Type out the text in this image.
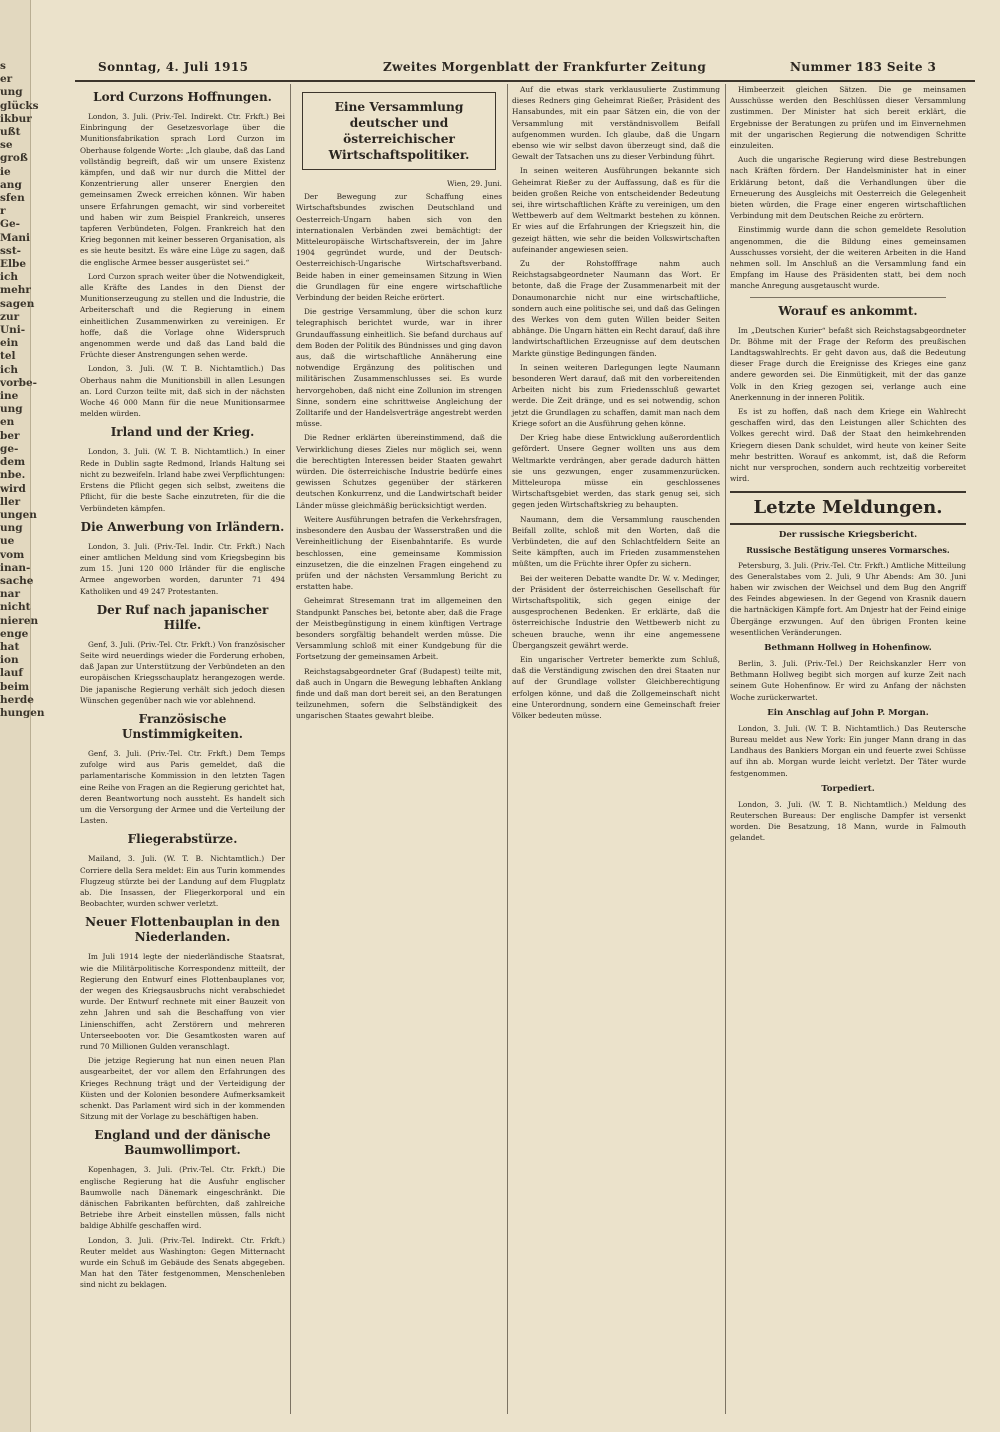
s
er
ung
glücks
ikbur
ußt
se
groß
ie
ang
sfen
r
Ge-
Mani
sst-
Elbe
ich
mehr
sagen
zur
Uni-
ein
tel
ich
vorbe-
ine
ung
en
ber
ge-
dem
nbe.
wird
ller
ungen
ung
ue
vom
inan-
sache
nar
nicht
nieren
enge
hat
ion
lauf
beim
herde
hungen
Sonntag, 4. Juli 1915	Zweites Morgenblatt der Frankfurter Zeitung	Nummer 183 Seite 3
Lord Curzons Hoffnungen.

London, 3. Juli. (Priv.-Tel. Indirekt. Ctr. Frkft.) Bei Einbringung der Gesetzesvorlage über die Munitionsfabrikation sprach Lord Curzon im Oberhause folgende Worte: „Ich glaube, daß das Land vollständig begreift, daß wir um unsere Existenz kämpfen, und daß wir nur durch die Mittel der Konzentrierung aller unserer Energien den gemeinsamen Zweck erreichen können. Wir haben unsere Erfahrungen gemacht, wir sind vorbereitet und haben wir zum Beispiel Frankreich, unseres tapferen Verbündeten, Folgen. Frankreich hat den Krieg begonnen mit keiner besseren Organisation, als es sie heute besitzt. Es wäre eine Lüge zu sagen, daß die englische Armee besser ausgerüstet sei.“

Lord Curzon sprach weiter über die Notwendigkeit, alle Kräfte des Landes in den Dienst der Munitionserzeugung zu stellen und die Industrie, die Arbeiterschaft und die Regierung in einem einheitlichen Zusammenwirken zu vereinigen. Er hoffe, daß die Vorlage ohne Widerspruch angenommen werde und daß das Land bald die Früchte dieser Anstrengungen sehen werde.

London, 3. Juli. (W. T. B. Nichtamtlich.) Das Oberhaus nahm die Munitionsbill in allen Lesungen an. Lord Curzon teilte mit, daß sich in der nächsten Woche 46 000 Mann für die neue Munitionsarmee melden würden.

Irland und der Krieg.

London, 3. Juli. (W. T. B. Nichtamtlich.) In einer Rede in Dublin sagte Redmond, Irlands Haltung sei nicht zu bezweifeln. Irland habe zwei Verpflichtungen: Erstens die Pflicht gegen sich selbst, zweitens die Pflicht, für die beste Sache einzutreten, für die die Verbündeten kämpfen.

Die Anwerbung von Irländern.

London, 3. Juli. (Priv.-Tel. Indir. Ctr. Frkft.) Nach einer amtlichen Meldung sind vom Kriegsbeginn bis zum 15. Juni 120 000 Irländer für die englische Armee angeworben worden, darunter 71 494 Katholiken und 49 247 Protestanten.

Der Ruf nach japanischer Hilfe.

Genf, 3. Juli. (Priv.-Tel. Ctr. Frkft.) Von französischer Seite wird neuerdings wieder die Forderung erhoben, daß Japan zur Unterstützung der Verbündeten an den europäischen Kriegsschauplatz herangezogen werde. Die japanische Regierung verhält sich jedoch diesen Wünschen gegenüber nach wie vor ablehnend.

Französische Unstimmigkeiten.

Genf, 3. Juli. (Priv.-Tel. Ctr. Frkft.) Dem Temps zufolge wird aus Paris gemeldet, daß die parlamentarische Kommission in den letzten Tagen eine Reihe von Fragen an die Regierung gerichtet hat, deren Beantwortung noch aussteht. Es handelt sich um die Versorgung der Armee und die Verteilung der Lasten.

Fliegerabstürze.

Mailand, 3. Juli. (W. T. B. Nichtamtlich.) Der Corriere della Sera meldet: Ein aus Turin kommendes Flugzeug stürzte bei der Landung auf dem Flugplatz ab. Die Insassen, der Fliegerkorporal und ein Beobachter, wurden schwer verletzt.

Neuer Flottenbauplan in den Niederlanden.

Im Juli 1914 legte der niederländische Staatsrat, wie die Militärpolitische Korrespondenz mitteilt, der Regierung den Entwurf eines Flottenbauplanes vor, der wegen des Kriegsausbruchs nicht verabschiedet wurde. Der Entwurf rechnete mit einer Bauzeit von zehn Jahren und sah die Beschaffung von vier Linienschiffen, acht Zerstörern und mehreren Unterseebooten vor. Die Gesamtkosten waren auf rund 70 Millionen Gulden veranschlagt.

Die jetzige Regierung hat nun einen neuen Plan ausgearbeitet, der vor allem den Erfahrungen des Krieges Rechnung trägt und der Verteidigung der Küsten und der Kolonien besondere Aufmerksamkeit schenkt. Das Parlament wird sich in der kommenden Sitzung mit der Vorlage zu beschäftigen haben.

England und der dänische Baumwollimport.

Kopenhagen, 3. Juli. (Priv.-Tel. Ctr. Frkft.) Die englische Regierung hat die Ausfuhr englischer Baumwolle nach Dänemark eingeschränkt. Die dänischen Fabrikanten befürchten, daß zahlreiche Betriebe ihre Arbeit einstellen müssen, falls nicht baldige Abhilfe geschaffen wird.

London, 3. Juli. (Priv.-Tel. Indirekt. Ctr. Frkft.) Reuter meldet aus Washington: Gegen Mitternacht wurde ein Schuß im Gebäude des Senats abgegeben. Man hat den Täter festgenommen, Menschenleben sind nicht zu beklagen.

Eine Versammlung deutscher und österreichischer Wirtschaftspolitiker.
Wien, 29. Juni.

Der Bewegung zur Schaffung eines Wirtschaftsbundes zwischen Deutschland und Oesterreich-Ungarn haben sich von den internationalen Verbänden zwei bemächtigt: der Mitteleuropäische Wirtschaftsverein, der im Jahre 1904 gegründet wurde, und der Deutsch-Oesterreichisch-Ungarische Wirtschaftsverband. Beide haben in einer gemeinsamen Sitzung in Wien die Grundlagen für eine engere wirtschaftliche Verbindung der beiden Reiche erörtert.

Die gestrige Versammlung, über die schon kurz telegraphisch berichtet wurde, war in ihrer Grundauffassung einheitlich. Sie befand durchaus auf dem Boden der Politik des Bündnisses und ging davon aus, daß die wirtschaftliche Annäherung eine notwendige Ergänzung des politischen und militärischen Zusammenschlusses sei. Es wurde hervorgehoben, daß nicht eine Zollunion im strengen Sinne, sondern eine schrittweise Angleichung der Zolltarife und der Handelsverträge angestrebt werden müsse.

Die Redner erklärten übereinstimmend, daß die Verwirklichung dieses Zieles nur möglich sei, wenn die berechtigten Interessen beider Staaten gewahrt würden. Die österreichische Industrie bedürfe eines gewissen Schutzes gegenüber der stärkeren deutschen Konkurrenz, und die Landwirtschaft beider Länder müsse gleichmäßig berücksichtigt werden.

Weitere Ausführungen betrafen die Verkehrsfragen, insbesondere den Ausbau der Wasserstraßen und die Vereinheitlichung der Eisenbahntarife. Es wurde beschlossen, eine gemeinsame Kommission einzusetzen, die die einzelnen Fragen eingehend zu prüfen und der nächsten Versammlung Bericht zu erstatten habe.

Geheimrat Stresemann trat im allgemeinen den Standpunkt Pansches bei, betonte aber, daß die Frage der Meistbegünstigung in einem künftigen Vertrage besonders sorgfältig behandelt werden müsse. Die Versammlung schloß mit einer Kundgebung für die Fortsetzung der gemeinsamen Arbeit.

Reichstagsabgeordneter Graf (Budapest) teilte mit, daß auch in Ungarn die Bewegung lebhaften Anklang finde und daß man dort bereit sei, an den Beratungen teilzunehmen, sofern die Selbständigkeit des ungarischen Staates gewahrt bleibe.

Auf die etwas stark verklausulierte Zustimmung dieses Redners ging Geheimrat Rießer, Präsident des Hansabundes, mit ein paar Sätzen ein, die von der Versammlung mit verständnisvollem Beifall aufgenommen wurden. Ich glaube, daß die Ungarn ebenso wie wir selbst davon überzeugt sind, daß die Gewalt der Tatsachen uns zu dieser Verbindung führt.

In seinen weiteren Ausführungen bekannte sich Geheimrat Rießer zu der Auffassung, daß es für die beiden großen Reiche von entscheidender Bedeutung sei, ihre wirtschaftlichen Kräfte zu vereinigen, um den Wettbewerb auf dem Weltmarkt bestehen zu können. Er wies auf die Erfahrungen der Kriegszeit hin, die gezeigt hätten, wie sehr die beiden Volkswirtschaften aufeinander angewiesen seien.

Zu der Rohstofffrage nahm auch Reichstagsabgeordneter Naumann das Wort. Er betonte, daß die Frage der Zusammenarbeit mit der Donaumonarchie nicht nur eine wirtschaftliche, sondern auch eine politische sei, und daß das Gelingen des Werkes von dem guten Willen beider Seiten abhänge. Die Ungarn hätten ein Recht darauf, daß ihre landwirtschaftlichen Erzeugnisse auf dem deutschen Markte günstige Bedingungen fänden.

In seinen weiteren Darlegungen legte Naumann besonderen Wert darauf, daß mit den vorbereitenden Arbeiten nicht bis zum Friedensschluß gewartet werde. Die Zeit dränge, und es sei notwendig, schon jetzt die Grundlagen zu schaffen, damit man nach dem Kriege sofort an die Ausführung gehen könne.

Der Krieg habe diese Entwicklung außerordentlich gefördert. Unsere Gegner wollten uns aus dem Weltmarkte verdrängen, aber gerade dadurch hätten sie uns gezwungen, enger zusammenzurücken. Mitteleuropa müsse ein geschlossenes Wirtschaftsgebiet werden, das stark genug sei, sich gegen jeden Wirtschaftskrieg zu behaupten.

Naumann, dem die Versammlung rauschenden Beifall zollte, schloß mit den Worten, daß die Verbündeten, die auf den Schlachtfeldern Seite an Seite kämpften, auch im Frieden zusammenstehen müßten, um die Früchte ihrer Opfer zu sichern.

Bei der weiteren Debatte wandte Dr. W. v. Medinger, der Präsident der österreichischen Gesellschaft für Wirtschaftspolitik, sich gegen einige der ausgesprochenen Bedenken. Er erklärte, daß die österreichische Industrie den Wettbewerb nicht zu scheuen brauche, wenn ihr eine angemessene Übergangszeit gewährt werde.

Ein ungarischer Vertreter bemerkte zum Schluß, daß die Verständigung zwischen den drei Staaten nur auf der Grundlage vollster Gleichberechtigung erfolgen könne, und daß die Zollgemeinschaft nicht eine Unterordnung, sondern eine Gemeinschaft freier Völker bedeuten müsse.

Himbeerzeit gleichen Sätzen. Die ge meinsamen Ausschüsse werden den Beschlüssen dieser Versammlung zustimmen. Der Minister hat sich bereit erklärt, die Ergebnisse der Beratungen zu prüfen und im Einvernehmen mit der ungarischen Regierung die notwendigen Schritte einzuleiten.

Auch die ungarische Regierung wird diese Bestrebungen nach Kräften fördern. Der Handelsminister hat in einer Erklärung betont, daß die Verhandlungen über die Erneuerung des Ausgleichs mit Oesterreich die Gelegenheit bieten würden, die Frage einer engeren wirtschaftlichen Verbindung mit dem Deutschen Reiche zu erörtern.

Einstimmig wurde dann die schon gemeldete Resolution angenommen, die die Bildung eines gemeinsamen Ausschusses vorsieht, der die weiteren Arbeiten in die Hand nehmen soll. Im Anschluß an die Versammlung fand ein Empfang im Hause des Präsidenten statt, bei dem noch manche Anregung ausgetauscht wurde.

Worauf es ankommt.

Im „Deutschen Kurier“ befaßt sich Reichstagsabgeordneter Dr. Böhme mit der Frage der Reform des preußischen Landtagswahlrechts. Er geht davon aus, daß die Bedeutung dieser Frage durch die Ereignisse des Krieges eine ganz andere geworden sei. Die Einmütigkeit, mit der das ganze Volk in den Krieg gezogen sei, verlange auch eine Anerkennung in der inneren Politik.

Es ist zu hoffen, daß nach dem Kriege ein Wahlrecht geschaffen wird, das den Leistungen aller Schichten des Volkes gerecht wird. Daß der Staat den heimkehrenden Kriegern diesen Dank schuldet, wird heute von keiner Seite mehr bestritten. Worauf es ankommt, ist, daß die Reform nicht nur versprochen, sondern auch rechtzeitig vorbereitet wird.

Letzte Meldungen.
Der russische Kriegsbericht.
Russische Bestätigung unseres Vormarsches.

Petersburg, 3. Juli. (Priv.-Tel. Ctr. Frkft.) Amtliche Mitteilung des Generalstabes vom 2. Juli, 9 Uhr Abends: Am 30. Juni haben wir zwischen der Weichsel und dem Bug den Angriff des Feindes abgewiesen. In der Gegend von Krasnik dauern die hartnäckigen Kämpfe fort. Am Dnjestr hat der Feind einige Übergänge erzwungen. Auf den übrigen Fronten keine wesentlichen Veränderungen.

Bethmann Hollweg in Hohenfinow.

Berlin, 3. Juli. (Priv.-Tel.) Der Reichskanzler Herr von Bethmann Hollweg begibt sich morgen auf kurze Zeit nach seinem Gute Hohenfinow. Er wird zu Anfang der nächsten Woche zurückerwartet.

Ein Anschlag auf John P. Morgan.

London, 3. Juli. (W. T. B. Nichtamtlich.) Das Reutersche Bureau meldet aus New York: Ein junger Mann drang in das Landhaus des Bankiers Morgan ein und feuerte zwei Schüsse auf ihn ab. Morgan wurde leicht verletzt. Der Täter wurde festgenommen.

Torpediert.

London, 3. Juli. (W. T. B. Nichtamtlich.) Meldung des Reuterschen Bureaus: Der englische Dampfer ist versenkt worden. Die Besatzung, 18 Mann, wurde in Falmouth gelandet.
